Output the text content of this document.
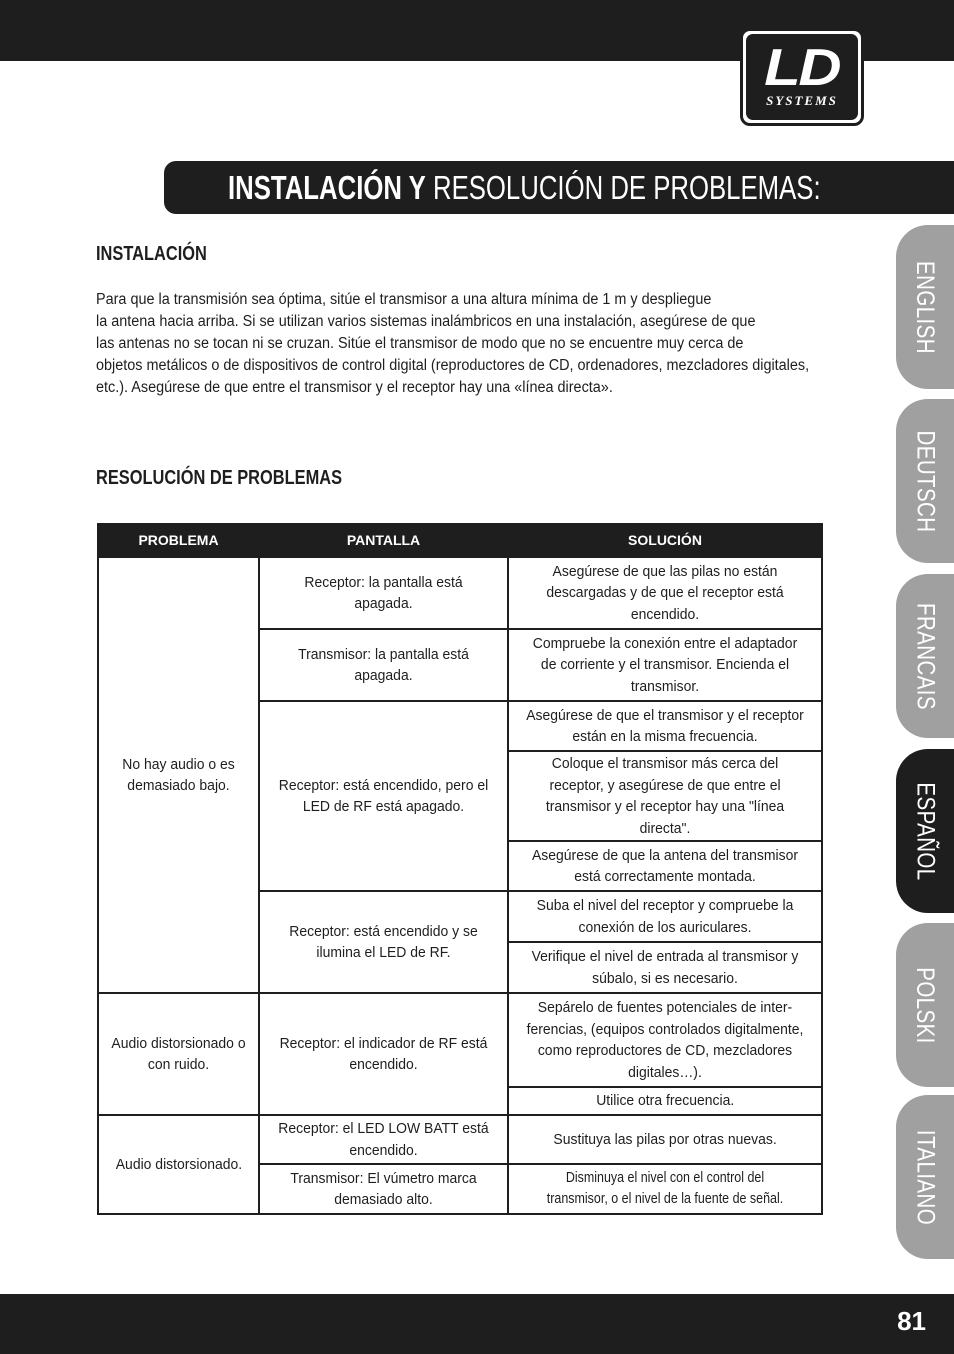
LD
SYSTEMS
INSTALACIÓN Y RESOLUCIÓN DE PROBLEMAS:
INSTALACIÓN
Para que la transmisión sea óptima, sitúe el transmisor a una altura mínima de 1 m y despliegue
la antena hacia arriba. Si se utilizan varios sistemas inalámbricos en una instalación, asegúrese de que
las antenas no se tocan ni se cruzan. Sitúe el transmisor de modo que no se encuentre muy cerca de
objetos metálicos o de dispositivos de control digital (reproductores de CD, ordenadores, mezcladores digitales,
etc.). Asegúrese de que entre el transmisor y el receptor hay una «línea directa».
RESOLUCIÓN DE PROBLEMAS
PROBLEMA	PANTALLA	SOLUCIÓN
No hay audio o es demasiado bajo.	Receptor: la pantalla está apagada.	Asegúrese de que las pilas no están descargadas y de que el receptor está encendido.
	Transmisor: la pantalla está apagada.	Compruebe la conexión entre el adaptador de corriente y el transmisor. Encienda el transmisor.
	Receptor: está encendido, pero el LED de RF está apagado.	Asegúrese de que el transmisor y el receptor están en la misma frecuencia.
		Coloque el transmisor más cerca del receptor, y asegúrese de que entre el transmisor y el receptor hay una "línea directa".
		Asegúrese de que la antena del transmisor está correctamente montada.
	Receptor: está encendido y se ilumina el LED de RF.	Suba el nivel del receptor y compruebe la conexión de los auriculares.
		Verifique el nivel de entrada al transmisor y súbalo, si es necesario.

Audio distorsionado o con ruido.	Receptor: el indicador de RF está encendido.	Sepárelo de fuentes potenciales de inter-ferencias, (equipos controlados digitalmente, como reproductores de CD, mezcladores digitales…).
		Utilice otra frecuencia.
Audio distorsionado.	Receptor: el LED LOW BATT está encendido.	Sustituya las pilas por otras nuevas.
	Transmisor: El vúmetro marca demasiado alto.	Disminuya el nivel con el control del transmisor, o el nivel de la fuente de señal.
ENGLISH
DEUTSCH
FRANCAIS
ESPAÑOL
POLSKI
ITALIANO
81
